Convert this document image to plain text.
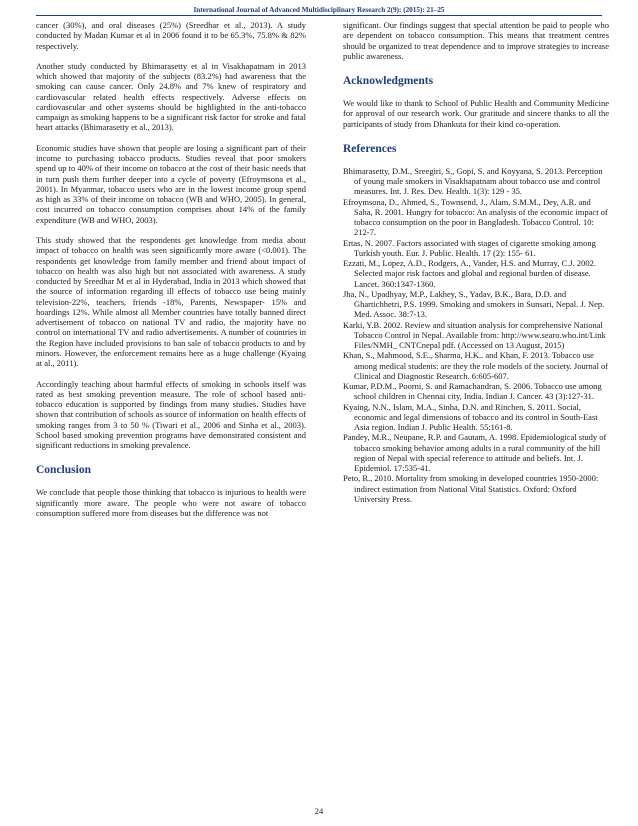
International Journal of Advanced Multidisciplinary Research 2(9): (2015): 21–25

cancer (30%), and oral diseases (25%) (Sreedhar et al., 2013). A study conducted by Madan Kumar et al in 2006 found it to be 65.3%, 75.8% & 82% respectively.

Another study conducted by Bhimarasetty et al in Visakhapatnam in 2013 which showed that majority of the subjects (83.2%) had awareness that the smoking can cause cancer. Only 24.8% and 7% knew of respiratory and cardiovascular related health effects respectively. Adverse effects on cardiovascular and other systems should be highlighted in the anti-tobacco campaign as smoking happens to be a significant risk factor for stroke and fatal heart attacks (Bhimarasetty et al., 2013).

Economic studies have shown that people are losing a significant part of their income to purchasing tobacco products. Studies reveal that poor smokers spend up to 40% of their income on tobacco at the cost of their basic needs that in turn push them further deeper into a cycle of poverty (Efroymsona et al., 2001). In Myanmar, tobacco users who are in the lowest income group spend as high as 33% of their income on tobacco (WB and WHO, 2005). In general, cost incurred on tobacco consumption comprises about 14% of the family expenditure (WB and WHO, 2003).

This study showed that the respondents get knowledge from media about impact of tobacco on health was seen significantly more aware (<0.001). The respondents get knowledge from family member and friend about impact of tobacco on health was also high but not associated with awareness. A study conducted by Sreedhar M et al in Hyderabad, India in 2013 which showed that the source of information regarding ill effects of tobacco use being mainly television-22%, teachers, friends -18%, Parents, Newspaper- 15% and hoardings 12%. While almost all Member countries have totally banned direct advertisement of tobacco on national TV and radio, the majority have no control on international TV and radio advertisements. A number of countries in the Region have included provisions to ban sale of tobacco products to and by minors. However, the enforcement remains here as a huge challenge (Kyaing at al., 2011).

Accordingly teaching about harmful effects of smoking in schools itself was rated as best smoking prevention measure. The role of school based anti-tobacco education is supported by findings from many studies. Studies have shown that contribution of schools as source of information on health effects of smoking ranges from 3 to 50 % (Tiwari et al., 2006 and Sinha et al., 2003). School based smoking prevention programs have demonstrated consistent and significant reductions in smoking prevalence.

Conclusion

We conclude that people those thinking that tobacco is injurious to health were significantly more aware. The people who were not aware of tobacco consumption suffered more from diseases but the difference was not

significant. Our findings suggest that special attention be paid to people who are dependent on tobacco consumption. This means that treatment centres should be organized to treat dependence and to improve strategies to increase public awareness.

Acknowledgments

We would like to thank to School of Public Health and Community Medicine for approval of our research work. Our gratitude and sincere thanks to all the participants of study from Dhankuta for their kind co-operation.

References
Bhimarasetty, D.M., Sreegiri, S., Gopi, S. and Koyyana, S. 2013. Perception of young male smokers in Visakhapatnam about tobacco use and control measures. Int. J. Res. Dev. Health. 1(3): 129 - 35.
Efroymsona, D., Ahmed, S., Townsend, J., Alam, S.M.M., Dey, A.R. and Saha, R. 2001. Hungry for tobacco: An analysis of the economic impact of tobacco consumption on the poor in Bangladesh. Tobacco Control. 10: 212-7.
Ertas, N. 2007. Factors associated with stages of cigarette smoking among Turkish youth. Eur. J. Public. Health. 17 (2): 155- 61.
Ezzati, M., Lopez, A.D., Rodgers, A., Vander, H.S. and Murray, C.J. 2002. Selected major risk factors and global and regional burden of disease. Lancet. 360:1347-1360.
Jha, N., Upadhyay, M.P., Lakhey, S., Yadav, B.K., Bara, D.D. and Ghartichhetri, P.S. 1999. Smoking and smokers in Sunsari, Nepal. J. Nep. Med. Assoc. 38:7-13.
Karki, Y.B. 2002. Review and situation analysis for comprehensive National Tobacco Control in Nepal. Available from: http://www.searo.who.int/Link Files/NMH_ CNTCnepal pdf. (Accessed on 13 August, 2015)
Khan, S., Mahmood, S.E., Sharma, H.K.. and Khan, F. 2013. Tobacco use among medical students: are they the role models of the society. Journal of Clinical and Diagnostic Research. 6:605-607.
Kumar, P.D.M., Poorni, S. and Ramachandran, S. 2006. Tobacco use among school children in Chennai city, India. Indian J. Cancer. 43 (3):127-31.
Kyaing, N.N., Islam, M.A., Sinha, D.N. and Rinchen, S. 2011. Social, economic and legal dimensions of tobacco and its control in South-East Asia region. Indian J. Public Health. 55:161-8.
Pandey, M.R., Neupane, R.P. and Gautam, A. 1998. Epidemiological study of tobacco smoking behavior among adults in a rural community of the hill region of Nepal with special reference to attitude and beliefs. Int. J. Epidemiol. 17:535-41.
Peto, R., 2010. Mortality from smoking in developed countries 1950-2000: indirect estimation from National Vital Statistics. Oxford: Oxford University Press.
24
